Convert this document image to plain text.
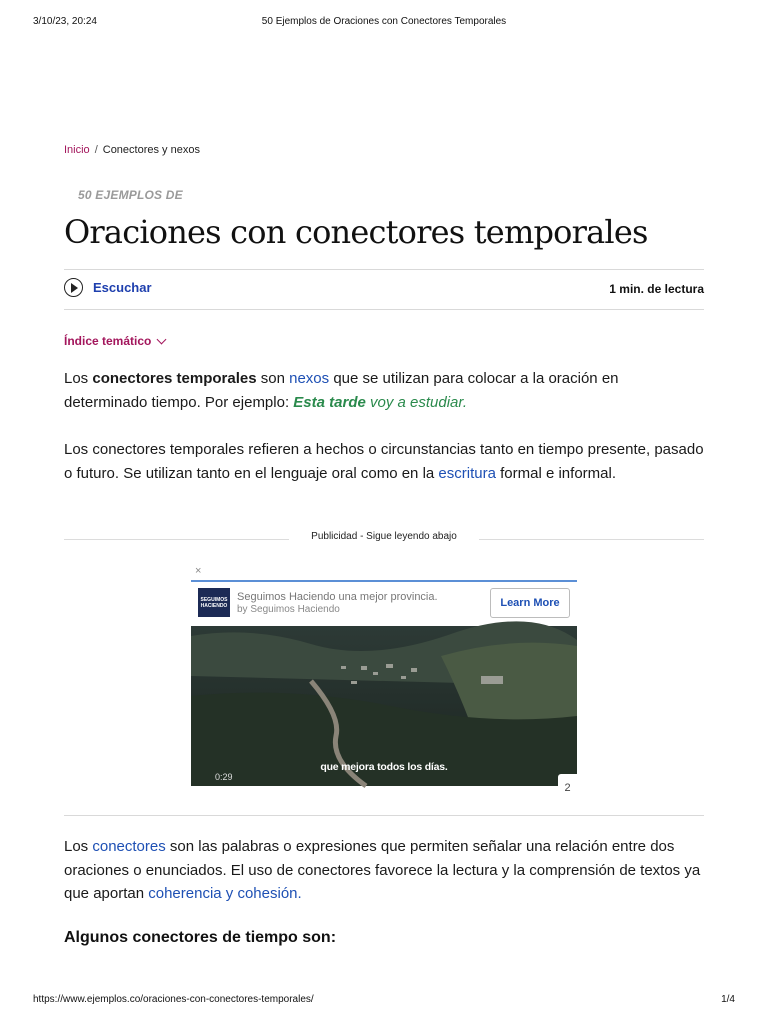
3/10/23, 20:24	50 Ejemplos de Oraciones con Conectores Temporales
Inicio / Conectores y nexos
50 EJEMPLOS DE
Oraciones con conectores temporales
Escuchar	1 min. de lectura
Índice temático

Los conectores temporales son nexos que se utilizan para colocar a la oración en determinado tiempo. Por ejemplo: Esta tarde voy a estudiar.

Los conectores temporales refieren a hechos o circunstancias tanto en tiempo presente, pasado o futuro. Se utilizan tanto en el lenguaje oral como en la escritura formal e informal.

Publicidad - Sigue leyendo abajo
×
SEGUIMOS HACIENDO
Seguimos Haciendo una mejor provincia.
by Seguimos Haciendo
Learn More
que mejora todos los días.
0:29
2

Los conectores son las palabras o expresiones que permiten señalar una relación entre dos oraciones o enunciados. El uso de conectores favorece la lectura y la comprensión de textos ya que aportan coherencia y cohesión.

Algunos conectores de tiempo son:
https://www.ejemplos.co/oraciones-con-conectores-temporales/	1/4
